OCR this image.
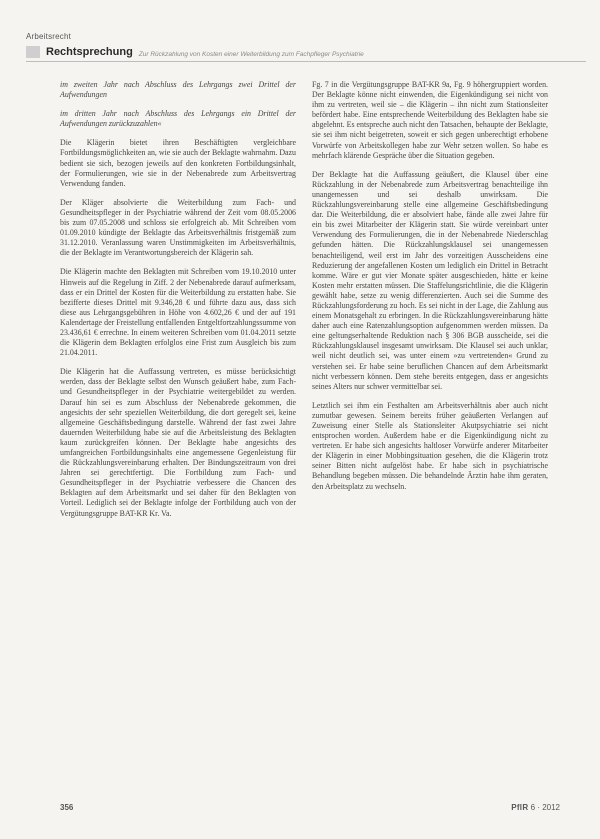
Arbeitsrecht
Rechtsprechung Zur Rückzahlung von Kosten einer Weiterbildung zum Fachpfleger Psychiatrie

im zweiten Jahr nach Abschluss des Lehrgangs zwei Drittel der Aufwendungen

im dritten Jahr nach Abschluss des Lehrgangs ein Drittel der Aufwendungen zurückzuzahlen«

Die Klägerin bietet ihren Beschäftigten vergleichbare Fortbildungsmöglichkeiten an, wie sie auch der Beklagte wahrnahm. Dazu bedient sie sich, bezogen jeweils auf den konkreten Fortbildungsinhalt, der Formulierungen, wie sie in der Nebenabrede zum Arbeitsvertrag Verwendung fanden.

Der Kläger absolvierte die Weiterbildung zum Fach- und Gesundheitspfleger in der Psychiatrie während der Zeit vom 08.05.2006 bis zum 07.05.2008 und schloss sie erfolgreich ab. Mit Schreiben vom 01.09.2010 kündigte der Beklagte das Arbeitsverhältnis fristgemäß zum 31.12.2010. Veranlassung waren Unstimmigkeiten im Arbeitsverhältnis, die der Beklagte im Verantwortungsbereich der Klägerin sah.

Die Klägerin machte den Beklagten mit Schreiben vom 19.10.2010 unter Hinweis auf die Regelung in Ziff. 2 der Nebenabrede darauf aufmerksam, dass er ein Drittel der Kosten für die Weiterbildung zu erstatten habe. Sie bezifferte dieses Drittel mit 9.346,28 € und führte dazu aus, dass sich diese aus Lehrgangsgebühren in Höhe von 4.602,26 € und der auf 191 Kalendertage der Freistellung entfallenden Entgeltfortzahlungssumme von 23.436,61 € errechne. In einem weiteren Schreiben vom 01.04.2011 setzte die Klägerin dem Beklagten erfolglos eine Frist zum Ausgleich bis zum 21.04.2011.

Die Klägerin hat die Auffassung vertreten, es müsse berücksichtigt werden, dass der Beklagte selbst den Wunsch geäußert habe, zum Fach- und Gesundheitspfleger in der Psychiatrie weitergebildet zu werden. Darauf hin sei es zum Abschluss der Nebenabrede gekommen, die angesichts der sehr speziellen Weiterbildung, die dort geregelt sei, keine allgemeine Geschäftsbedingung darstelle. Während der fast zwei Jahre dauernden Weiterbildung habe sie auf die Arbeitsleistung des Beklagten kaum zurückgreifen können. Der Beklagte habe angesichts des umfangreichen Fortbildungsinhalts eine angemessene Gegenleistung für die Rückzahlungsvereinbarung erhalten. Der Bindungszeitraum von drei Jahren sei gerechtfertigt. Die Fortbildung zum Fach- und Gesundheitspfleger in der Psychiatrie verbessere die Chancen des Beklagten auf dem Arbeitsmarkt und sei daher für den Beklagten von Vorteil. Lediglich sei der Beklagte infolge der Fortbildung auch von der Vergütungsgruppe BAT-KR Kr. Va.

Fg. 7 in die Vergütungsgruppe BAT-KR 9a, Fg. 9 höhergruppiert worden. Der Beklagte könne nicht einwenden, die Eigenkündigung sei nicht von ihm zu vertreten, weil sie – die Klägerin – ihn nicht zum Stationsleiter befördert habe. Eine entsprechende Weiterbildung des Beklagten habe sie abgelehnt. Es entspreche auch nicht den Tatsachen, behaupte der Beklagte, sie sei ihm nicht beigetreten, soweit er sich gegen unberechtigt erhobene Vorwürfe von Arbeitskollegen habe zur Wehr setzen wollen. So habe es mehrfach klärende Gespräche über die Situation gegeben.

Der Beklagte hat die Auffassung geäußert, die Klausel über eine Rückzahlung in der Nebenabrede zum Arbeitsvertrag benachteilige ihn unangemessen und sei deshalb unwirksam. Die Rückzahlungsvereinbarung stelle eine allgemeine Geschäftsbedingung dar. Die Weiterbildung, die er absolviert habe, fände alle zwei Jahre für ein bis zwei Mitarbeiter der Klägerin statt. Sie würde vereinbart unter Verwendung des Formulierungen, die in der Nebenabrede Niederschlag gefunden hätten. Die Rückzahlungsklausel sei unangemessen benachteiligend, weil erst im Jahr des vorzeitigen Ausscheidens eine Reduzierung der angefallenen Kosten um lediglich ein Drittel in Betracht komme. Wäre er gut vier Monate später ausgeschieden, hätte er keine Kosten mehr erstatten müssen. Die Staffelungsrichtlinie, die die Klägerin gewählt habe, setze zu wenig differenzierten. Auch sei die Summe des Rückzahlungsforderung zu hoch. Es sei nicht in der Lage, die Zahlung aus einem Monatsgehalt zu erbringen. In die Rückzahlungsvereinbarung hätte daher auch eine Ratenzahlungsoption aufgenommen werden müssen. Da eine geltungserhaltende Reduktion nach § 306 BGB ausscheide, sei die Rückzahlungsklausel insgesamt unwirksam. Die Klausel sei auch unklar, weil nicht deutlich sei, was unter einem »zu vertretenden« Grund zu verstehen sei. Er habe seine beruflichen Chancen auf dem Arbeitsmarkt nicht verbessern können. Dem stehe bereits entgegen, dass er angesichts seines Alters nur schwer vermittelbar sei.

Letztlich sei ihm ein Festhalten am Arbeitsverhältnis aber auch nicht zumutbar gewesen. Seinem bereits früher geäußerten Verlangen auf Zuweisung einer Stelle als Stationsleiter Akutpsychiatrie sei nicht entsprochen worden. Außerdem habe er die Eigenkündigung nicht zu vertreten. Er habe sich angesichts haltloser Vorwürfe anderer Mitarbeiter der Klägerin in einer Mobbingsituation gesehen, die die Klägerin trotz seiner Bitten nicht aufgelöst habe. Er habe sich in psychiatrische Behandlung begeben müssen. Die behandelnde Ärztin habe ihm geraten, den Arbeitsplatz zu wechseln.

356	PflR 6 · 2012
